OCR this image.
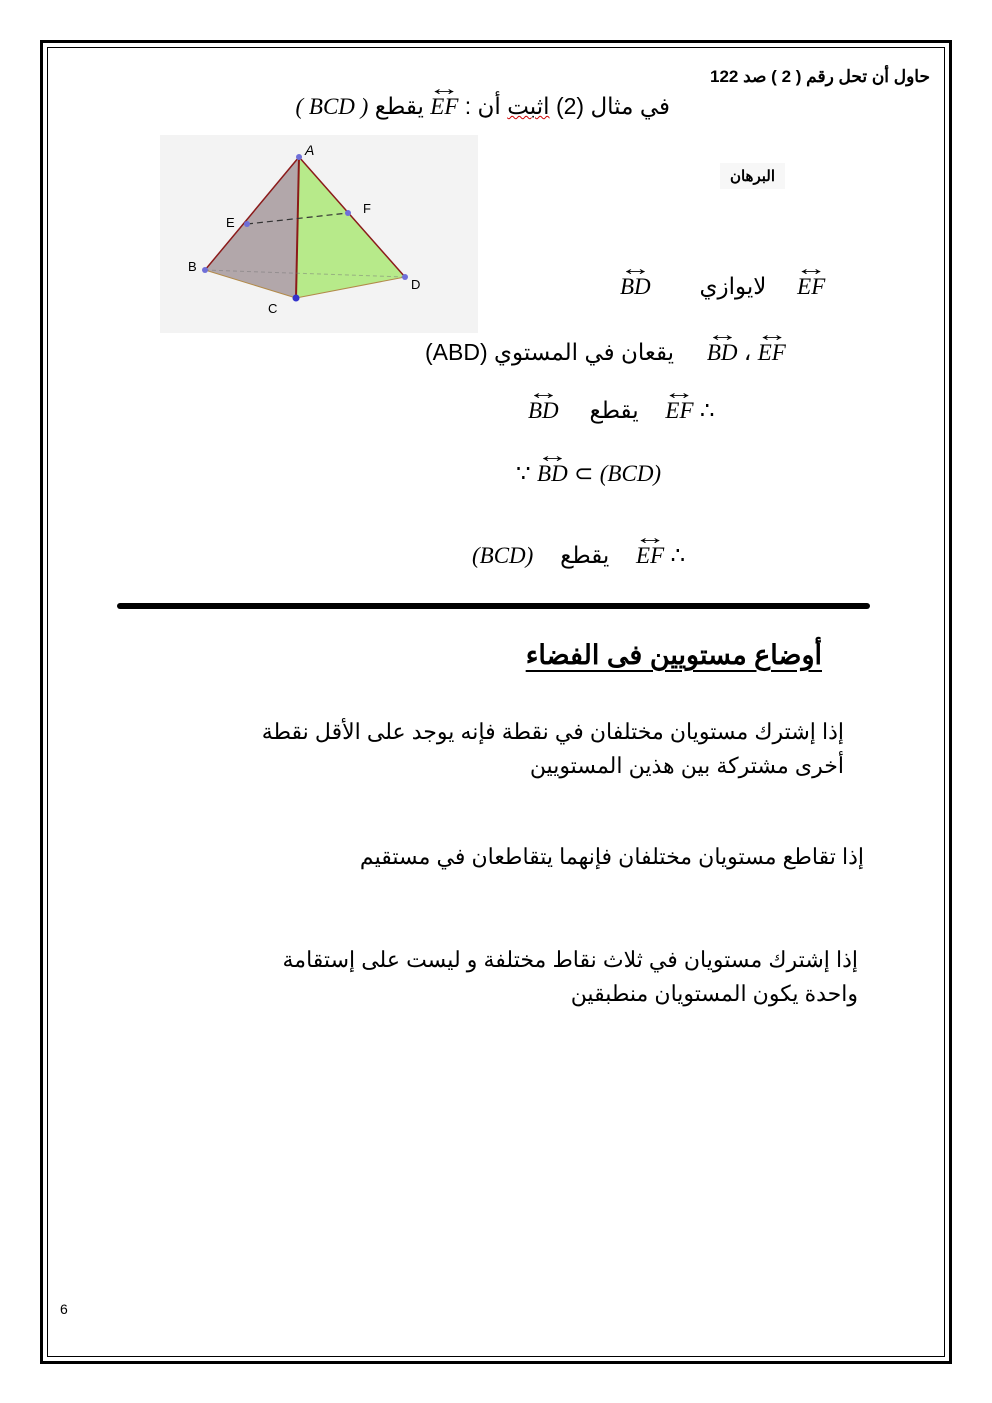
حاول أن تحل رقم ( 2 ) صد 122
في مثال (2) اثبت أن : ↔ EF يقطع ( BCD )
A
B
C
D
E
F
البرهان
↔ BD لايوازي ↔ EF
(ABD) يقعان في المستوي ↔ BD ، ↔ EF
↔ BD يقطع ↔ EF ∴
∵ ↔ BD ⊂ (BCD)
(BCD) يقطع ↔ EF ∴
أوضاع مستويين فى الفضاء
إذا إشترك مستويان مختلفان في نقطة فإنه يوجد على الأقل نقطة أخرى مشتركة بين هذين المستويين
إذا تقاطع مستويان مختلفان فإنهما يتقاطعان في مستقيم
إذا إشترك مستويان في ثلاث نقاط مختلفة و ليست على إستقامة واحدة يكون المستويان منطبقين
6
